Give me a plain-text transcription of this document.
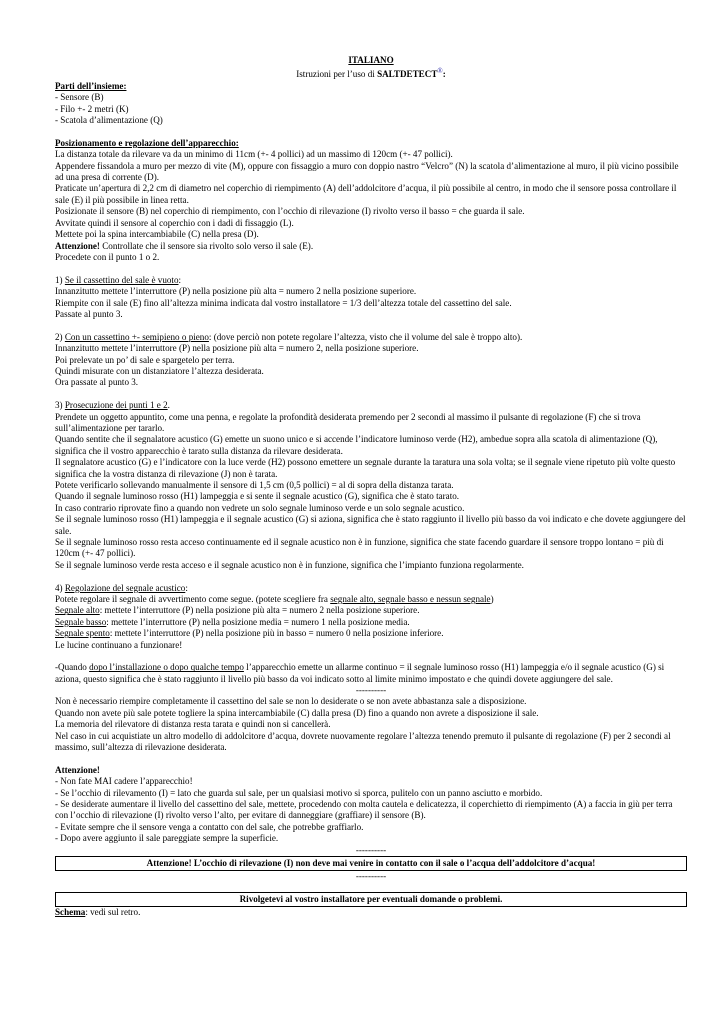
ITALIANO

Istruzioni per l’uso di SALTDETECT®:

Parti dell’insieme:

- Sensore (B)

- Filo +- 2 metri (K)

- Scatola d’alimentazione (Q)

Posizionamento e regolazione dell’apparecchio:

La distanza totale da rilevare va da un minimo di 11cm (+- 4 pollici) ad un massimo di 120cm (+- 47 pollici).

Appendere fissandola a muro per mezzo di vite (M), oppure con fissaggio a muro con doppio nastro “Velcro” (N) la scatola d’alimentazione al muro, il più vicino possibile ad una presa di corrente (D).

Praticate un’apertura di 2,2 cm di diametro nel coperchio di riempimento (A) dell’addolcitore d’acqua, il più possibile al centro, in modo che il sensore possa controllare il sale (E) il più possibile in linea retta.

Posizionate il sensore (B) nel coperchio di riempimento, con l’occhio di rilevazione (I) rivolto verso il basso = che guarda il sale.

Avvitate quindi il sensore al coperchio con i dadi di fissaggio (L).

Mettete poi la spina intercambiabile (C) nella presa (D).

Attenzione! Controllate che il sensore sia rivolto solo verso il sale (E).

Procedete con il punto 1 o 2.

1) Se il cassettino del sale è vuoto:

Innanzitutto mettete l’interruttore (P) nella posizione più alta = numero 2 nella posizione superiore.

Riempite con il sale (E) fino all’altezza minima indicata dal vostro installatore = 1/3 dell’altezza totale del cassettino del sale.

Passate al punto 3.

2) Con un cassettino +- semipieno o pieno: (dove perciò non potete regolare l’altezza, visto che il volume del sale è troppo alto).

Innanzitutto mettete l’interruttore (P) nella posizione più alta = numero 2, nella posizione superiore.

Poi prelevate un po’ di sale e spargetelo per terra.

Quindi misurate con un distanziatore l’altezza desiderata.

Ora passate al punto 3.

3) Prosecuzione dei punti 1 e 2.

Prendete un oggetto appuntito, come una penna, e regolate la profondità desiderata premendo per 2 secondi al massimo il pulsante di regolazione (F) che si trova sull’alimentazione per tararlo.

Quando sentite che il segnalatore acustico (G) emette un suono unico e si accende l’indicatore luminoso verde (H2), ambedue sopra alla scatola di alimentazione (Q), significa che il vostro apparecchio è tarato sulla distanza da rilevare desiderata.

Il segnalatore acustico (G) e l’indicatore con la luce verde (H2) possono emettere un segnale durante la taratura una sola volta; se il segnale viene ripetuto più volte questo significa che la vostra distanza di rilevazione (J) non è tarata.

Potete verificarlo sollevando manualmente il sensore di 1,5 cm (0,5 pollici) = al di sopra della distanza tarata.

Quando il segnale luminoso rosso (H1) lampeggia e si sente il segnale acustico (G), significa che è stato tarato.

In caso contrario riprovate fino a quando non vedrete un solo segnale luminoso verde e un solo segnale acustico.

Se il segnale luminoso rosso (H1) lampeggia e il segnale acustico (G) si aziona, significa che è stato raggiunto il livello più basso da voi indicato e che dovete aggiungere del sale.

Se il segnale luminoso rosso resta acceso continuamente ed il segnale acustico non è in funzione, significa che state facendo guardare il sensore troppo lontano = più di 120cm (+- 47 pollici).

Se il segnale luminoso verde resta acceso e il segnale acustico non è in funzione, significa che l’impianto funziona regolarmente.

4) Regolazione del segnale acustico:

Potete regolare il segnale di avvertimento come segue. (potete scegliere fra segnale alto, segnale basso e nessun segnale)

Segnale alto: mettete l’interruttore (P) nella posizione più alta = numero 2 nella posizione superiore.

Segnale basso: mettete l’interruttore (P) nella posizione media = numero 1 nella posizione media.

Segnale spento: mettete l’interruttore (P) nella posizione più in basso = numero 0 nella posizione inferiore.

Le lucine continuano a funzionare!

-Quando dopo l’installazione o dopo qualche tempo l’apparecchio emette un allarme continuo = il segnale luminoso rosso (H1) lampeggia e/o il segnale acustico (G) si aziona, questo significa che è stato raggiunto il livello più basso da voi indicato sotto al limite minimo impostato e che quindi dovete aggiungere del sale.

----------

Non è necessario riempire completamente il cassettino del sale se non lo desiderate o se non avete abbastanza sale a disposizione.

Quando non avete più sale potete togliere la spina intercambiabile (C) dalla presa (D) fino a quando non avrete a disposizione il sale.

La memoria del rilevatore di distanza resta tarata e quindi non si cancellerà.

Nel caso in cui acquistiate un altro modello di addolcitore d’acqua, dovrete nuovamente regolare l’altezza tenendo premuto il pulsante di regolazione (F) per 2 secondi al massimo, sull’altezza di rilevazione desiderata.

Attenzione!

- Non fate MAI cadere l’apparecchio!

- Se l’occhio di rilevamento (I) = lato che guarda sul sale, per un qualsiasi motivo si sporca, pulitelo con un panno asciutto e morbido.

- Se desiderate aumentare il livello del cassettino del sale, mettete, procedendo con molta cautela e delicatezza, il coperchietto di riempimento (A) a faccia in giù per terra con l’occhio di rilevazione (I) rivolto verso l’alto, per evitare di danneggiare (graffiare) il sensore (B).

- Evitate sempre che il sensore venga a contatto con del sale, che potrebbe graffiarlo.

- Dopo avere aggiunto il sale pareggiate sempre la superficie.

----------

Attenzione! L’occhio di rilevazione (I) non deve mai venire in contatto con il sale o l’acqua dell’addolcitore d’acqua!

----------

Rivolgetevi al vostro installatore per eventuali domande o problemi.

Schema: vedi sul retro.
